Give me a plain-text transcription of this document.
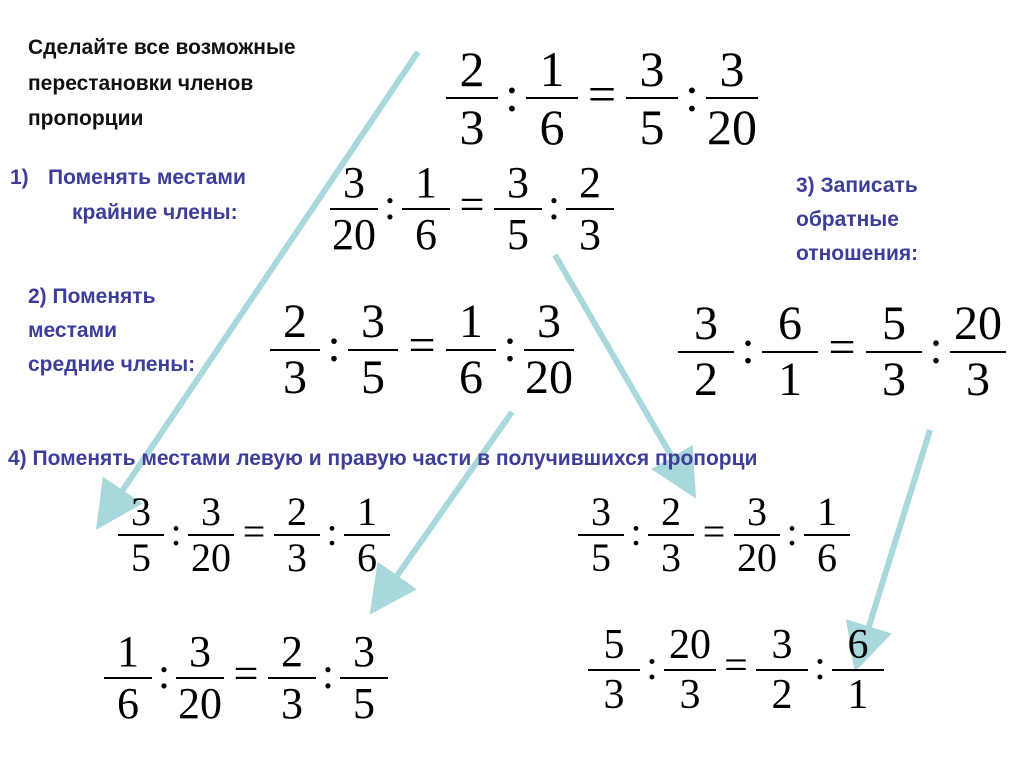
Сделайте все возможные
перестановки членов
пропорции
1) Поменять местами
крайние члены:
2) Поменять
местами
средние члены:
3) Записать
обратные
отношения:
4) Поменять местами левую и правую части в получившихся пропорци
2
3
: 1
6
= 3
5
: 3
20
3
20
: 1
6
= 3
5
: 2
3
2
3
: 3
5
= 1
6
: 3
20
3
2
: 6
1
= 5
3
: 20
3
3
5
: 3
20
= 2
3
: 1
6
3
5
: 2
3
= 3
20
: 1
6
1
6
: 3
20
= 2
3
: 3
5
5
3
: 20
3
= 3
2
: 6
1
